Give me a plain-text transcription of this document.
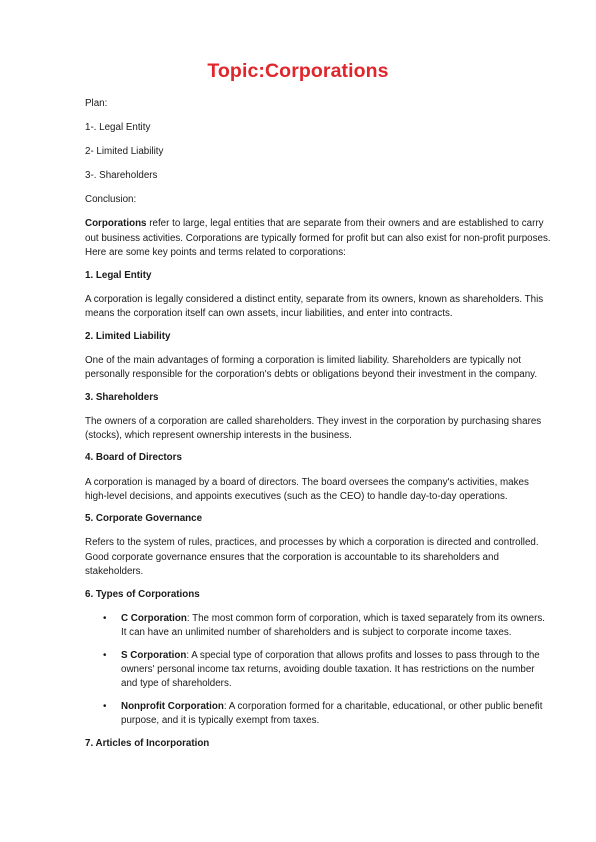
Topic:Corporations

Plan:

1-. Legal Entity

2- Limited Liability

3-. Shareholders

Conclusion:

Corporations refer to large, legal entities that are separate from their owners and are established to carry out business activities. Corporations are typically formed for profit but can also exist for non-profit purposes. Here are some key points and terms related to corporations:

1. Legal Entity

A corporation is legally considered a distinct entity, separate from its owners, known as shareholders. This means the corporation itself can own assets, incur liabilities, and enter into contracts.

2. Limited Liability

One of the main advantages of forming a corporation is limited liability. Shareholders are typically not personally responsible for the corporation's debts or obligations beyond their investment in the company.

3. Shareholders

The owners of a corporation are called shareholders. They invest in the corporation by purchasing shares (stocks), which represent ownership interests in the business.

4. Board of Directors

A corporation is managed by a board of directors. The board oversees the company's activities, makes high-level decisions, and appoints executives (such as the CEO) to handle day-to-day operations.

5. Corporate Governance

Refers to the system of rules, practices, and processes by which a corporation is directed and controlled. Good corporate governance ensures that the corporation is accountable to its shareholders and stakeholders.

6. Types of Corporations

• C Corporation: The most common form of corporation, which is taxed separately from its owners. It can have an unlimited number of shareholders and is subject to corporate income taxes.
• S Corporation: A special type of corporation that allows profits and losses to pass through to the owners' personal income tax returns, avoiding double taxation. It has restrictions on the number and type of shareholders.
• Nonprofit Corporation: A corporation formed for a charitable, educational, or other public benefit purpose, and it is typically exempt from taxes.

7. Articles of Incorporation
